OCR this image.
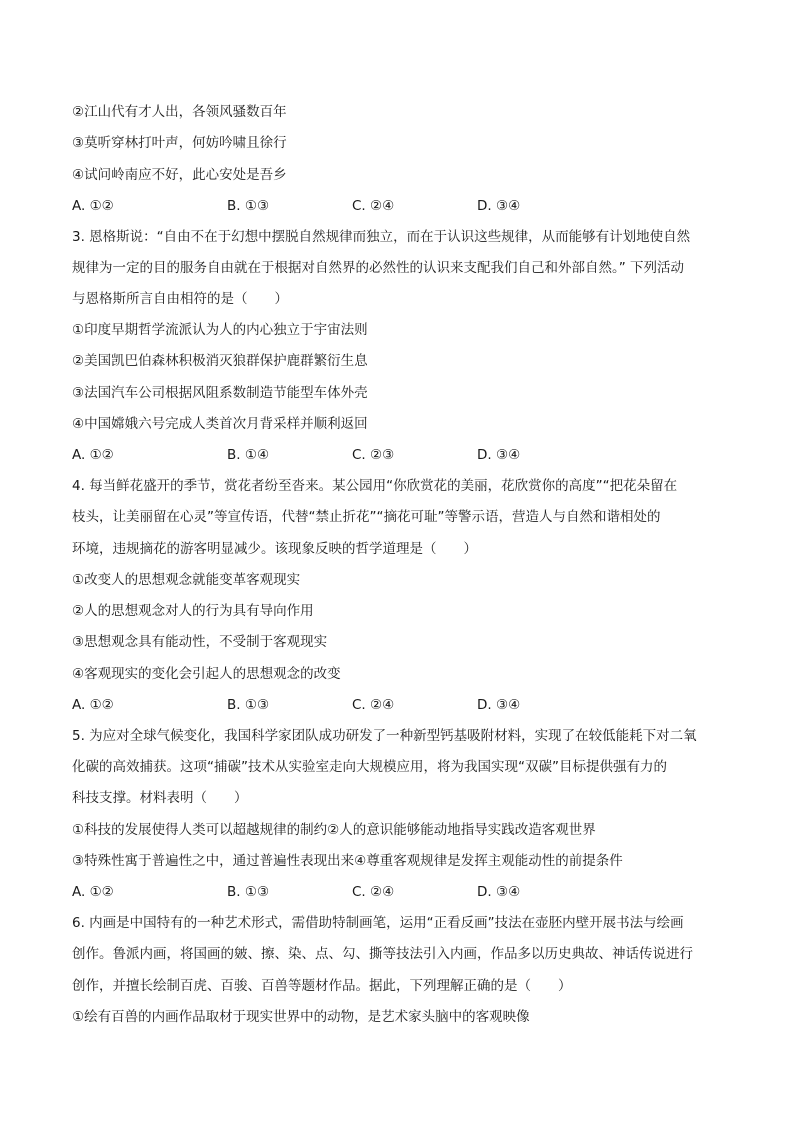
②江山代有才人出，各领风骚数百年
③莫听穿林打叶声，何妨吟啸且徐行
④试问岭南应不好，此心安处是吾乡
A. ①②	B. ①③	C. ②④	D. ③④
3. 恩格斯说：“自由不在于幻想中摆脱自然规律而独立，而在于认识这些规律，从而能够有计划地使自然
规律为一定的目的服务自由就在于根据对自然界的必然性的认识来支配我们自己和外部自然。” 下列活动
与恩格斯所言自由相符的是（　　）
①印度早期哲学流派认为人的内心独立于宇宙法则
②美国凯巴伯森林积极消灭狼群保护鹿群繁衍生息
③法国汽车公司根据风阻系数制造节能型车体外壳
④中国嫦娥六号完成人类首次月背采样并顺利返回
A. ①②	B. ①④	C. ②③	D. ③④
4. 每当鲜花盛开的季节，赏花者纷至沓来。某公园用“你欣赏花的美丽，花欣赏你的高度”“把花朵留在
枝头，让美丽留在心灵”等宣传语，代替“禁止折花”“摘花可耻”等警示语，营造人与自然和谐相处的
环境，违规摘花的游客明显减少。该现象反映的哲学道理是（　　）
①改变人的思想观念就能变革客观现实
②人的思想观念对人的行为具有导向作用
③思想观念具有能动性，不受制于客观现实
④客观现实的变化会引起人的思想观念的改变
A. ①②	B. ①③	C. ②④	D. ③④
5. 为应对全球气候变化，我国科学家团队成功研发了一种新型钙基吸附材料，实现了在较低能耗下对二氧
化碳的高效捕获。这项“捕碳”技术从实验室走向大规模应用，将为我国实现“双碳”目标提供强有力的
科技支撑。材料表明（　　）
①科技的发展使得人类可以超越规律的制约②人的意识能够能动地指导实践改造客观世界
③特殊性寓于普遍性之中，通过普遍性表现出来④尊重客观规律是发挥主观能动性的前提条件
A. ①②	B. ①③	C. ②④	D. ③④
6. 内画是中国特有的一种艺术形式，需借助特制画笔，运用“正看反画”技法在壶胚内壁开展书法与绘画
创作。鲁派内画，将国画的皴、擦、染、点、勾、撕等技法引入内画，作品多以历史典故、神话传说进行
创作，并擅长绘制百虎、百骏、百兽等题材作品。据此，下列理解正确的是（　　）
①绘有百兽的内画作品取材于现实世界中的动物，是艺术家头脑中的客观映像
